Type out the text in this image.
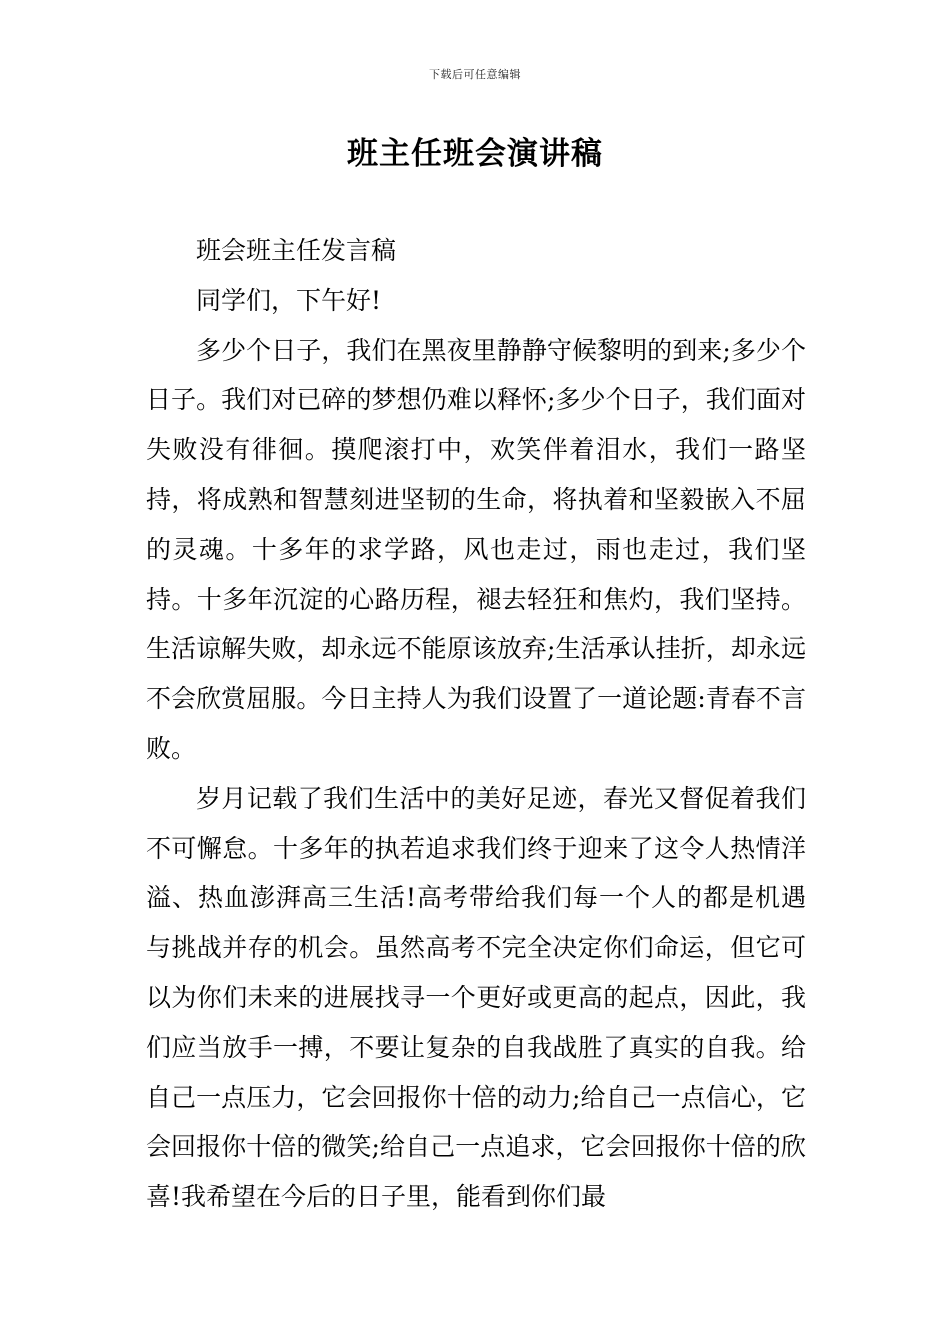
下载后可任意编辑
班主任班会演讲稿

班会班主任发言稿

同学们，下午好!

多少个日子，我们在黑夜里静静守候黎明的到来;多少个日子。我们对已碎的梦想仍难以释怀;多少个日子，我们面对失败没有徘徊。摸爬滚打中，欢笑伴着泪水，我们一路坚持，将成熟和智慧刻进坚韧的生命，将执着和坚毅嵌入不屈的灵魂。十多年的求学路，风也走过，雨也走过，我们坚持。十多年沉淀的心路历程，褪去轻狂和焦灼，我们坚持。生活谅解失败，却永远不能原该放弃;生活承认挂折，却永远不会欣赏屈服。今日主持人为我们设置了一道论题:青春不言败。

岁月记载了我们生活中的美好足迹，春光又督促着我们不可懈怠。十多年的执若追求我们终于迎来了这令人热情洋溢、热血澎湃高三生活!高考带给我们每一个人的都是机遇与挑战并存的机会。虽然高考不完全决定你们命运，但它可以为你们未来的进展找寻一个更好或更高的起点，因此，我们应当放手一搏，不要让复杂的自我战胜了真实的自我。给自己一点压力，它会回报你十倍的动力;给自己一点信心，它会回报你十倍的微笑;给自己一点追求，它会回报你十倍的欣喜!我希望在今后的日子里，能看到你们最
